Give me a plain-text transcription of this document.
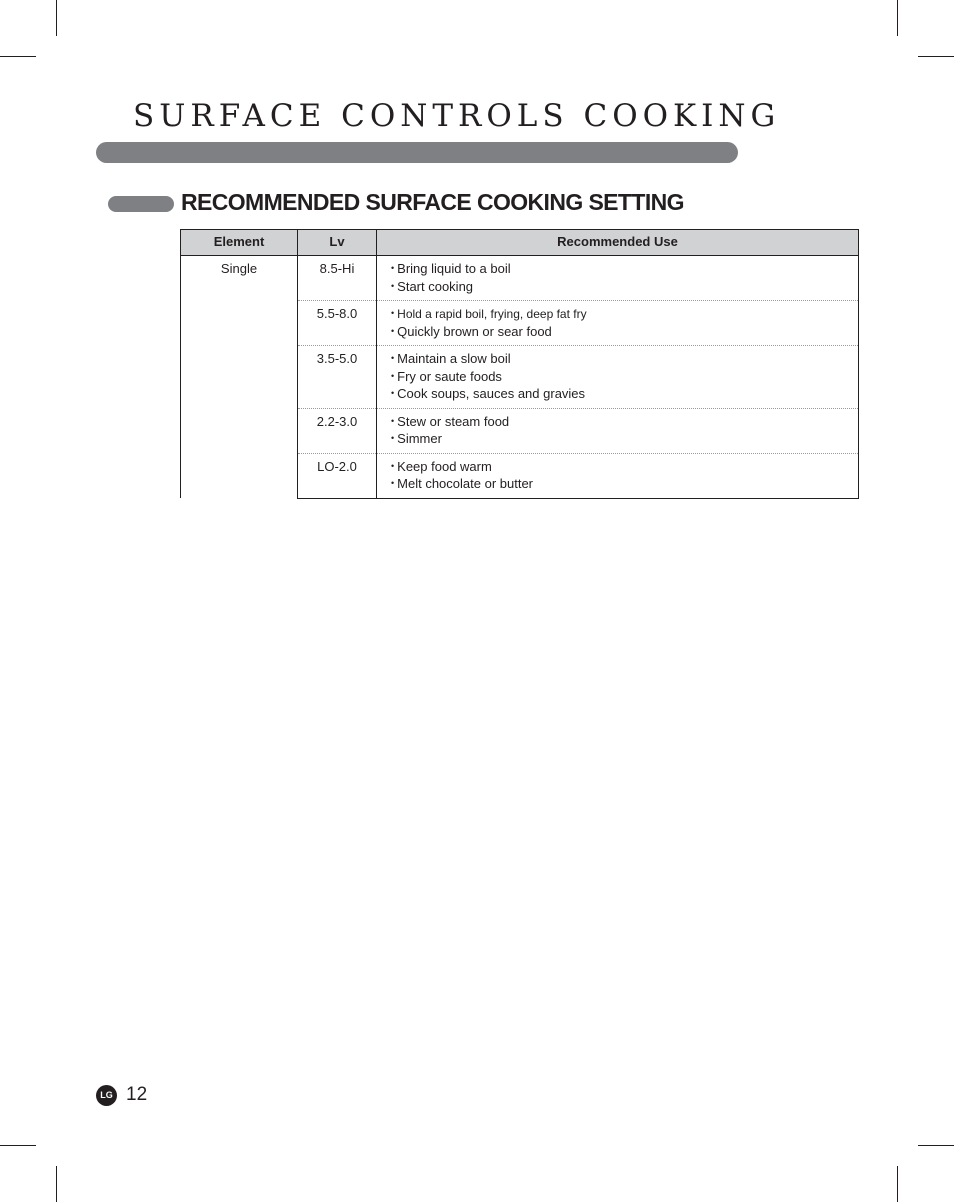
SURFACE CONTROLS COOKING
RECOMMENDED SURFACE COOKING SETTING
Element	Lv	Recommended Use
Single	8.5-Hi	• Bring liquid to a boil
• Start cooking

	5.5-8.0	• Hold a rapid boil, frying, deep fat fry
• Quickly brown or sear food

	3.5-5.0	• Maintain a slow boil
• Fry or saute foods
• Cook soups, sauces and gravies

	2.2-3.0	• Stew or steam food
• Simmer

	LO-2.0	• Keep food warm
• Melt chocolate or butter
LG 12
